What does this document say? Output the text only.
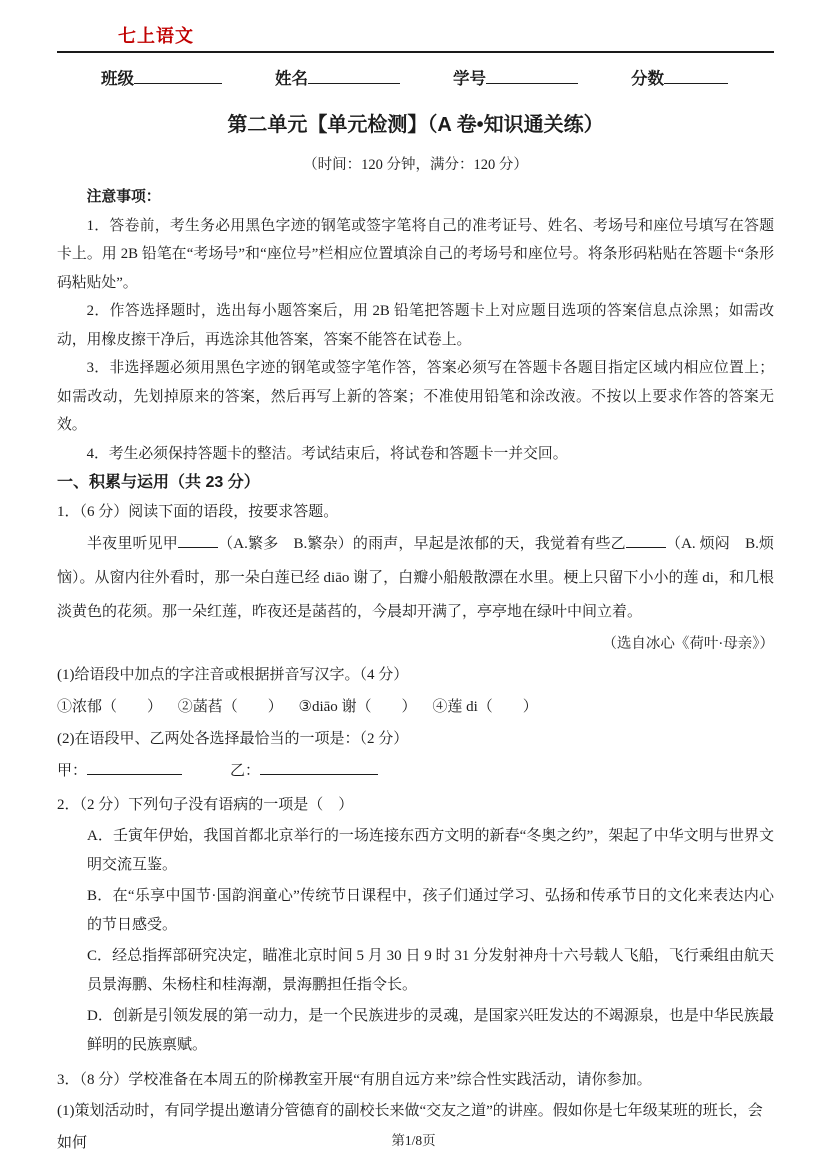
七上语文
班级	姓名	学号	分数
第二单元【单元检测】（A 卷•知识通关练）
（时间：120 分钟，满分：120 分）
注意事项：
1．答卷前，考生务必用黑色字迹的钢笔或签字笔将自己的准考证号、姓名、考场号和座位号填写在答题卡上。用 2B 铅笔在“考场号”和“座位号”栏相应位置填涂自己的考场号和座位号。将条形码粘贴在答题卡“条形码粘贴处”。
2．作答选择题时，选出每小题答案后，用 2B 铅笔把答题卡上对应题目选项的答案信息点涂黑；如需改动，用橡皮擦干净后，再选涂其他答案，答案不能答在试卷上。
3．非选择题必须用黑色字迹的钢笔或签字笔作答，答案必须写在答题卡各题目指定区域内相应位置上；如需改动，先划掉原来的答案，然后再写上新的答案；不准使用铅笔和涂改液。不按以上要求作答的答案无效。
4．考生必须保持答题卡的整洁。考试结束后，将试卷和答题卡一并交回。
一、积累与运用（共 23 分）
1．（6 分）阅读下面的语段，按要求答题。
半夜里听见甲	（A.繁多　B.繁杂）的雨声，早起是浓郁的天，我觉着有些乙	（A. 烦闷　B.烦恼）。从窗内往外看时，那一朵白莲已经 diāo 谢了，白瓣小船般散漂在水里。梗上只留下小小的莲 di，和几根淡黄色的花须。那一朵红莲，昨夜还是菡萏的，今晨却开满了，亭亭地在绿叶中间立着。
（选自冰心《荷叶·母亲》）
(1)给语段中加点的字注音或根据拼音写汉字。（4 分）
①浓郁（　　） ②菡萏（　　） ③diāo 谢（　　） ④莲 di（　　）
(2)在语段甲、乙两处各选择最恰当的一项是：（2 分）
甲：	乙：
2．（2 分）下列句子没有语病的一项是（　）
A．壬寅年伊始，我国首都北京举行的一场连接东西方文明的新春“冬奥之约”，架起了中华文明与世界文明交流互鉴。
B．在“乐享中国节·国韵润童心”传统节日课程中，孩子们通过学习、弘扬和传承节日的文化来表达内心的节日感受。
C．经总指挥部研究决定，瞄准北京时间 5 月 30 日 9 时 31 分发射神舟十六号载人飞船，飞行乘组由航天员景海鹏、朱杨柱和桂海潮，景海鹏担任指令长。
D．创新是引领发展的第一动力，是一个民族进步的灵魂，是国家兴旺发达的不竭源泉，也是中华民族最鲜明的民族禀赋。
3．（8 分）学校准备在本周五的阶梯教室开展“有朋自远方来”综合性实践活动，请你参加。
(1)策划活动时，有同学提出邀请分管德育的副校长来做“交友之道”的讲座。假如你是七年级某班的班长，会如何	第1/8页
